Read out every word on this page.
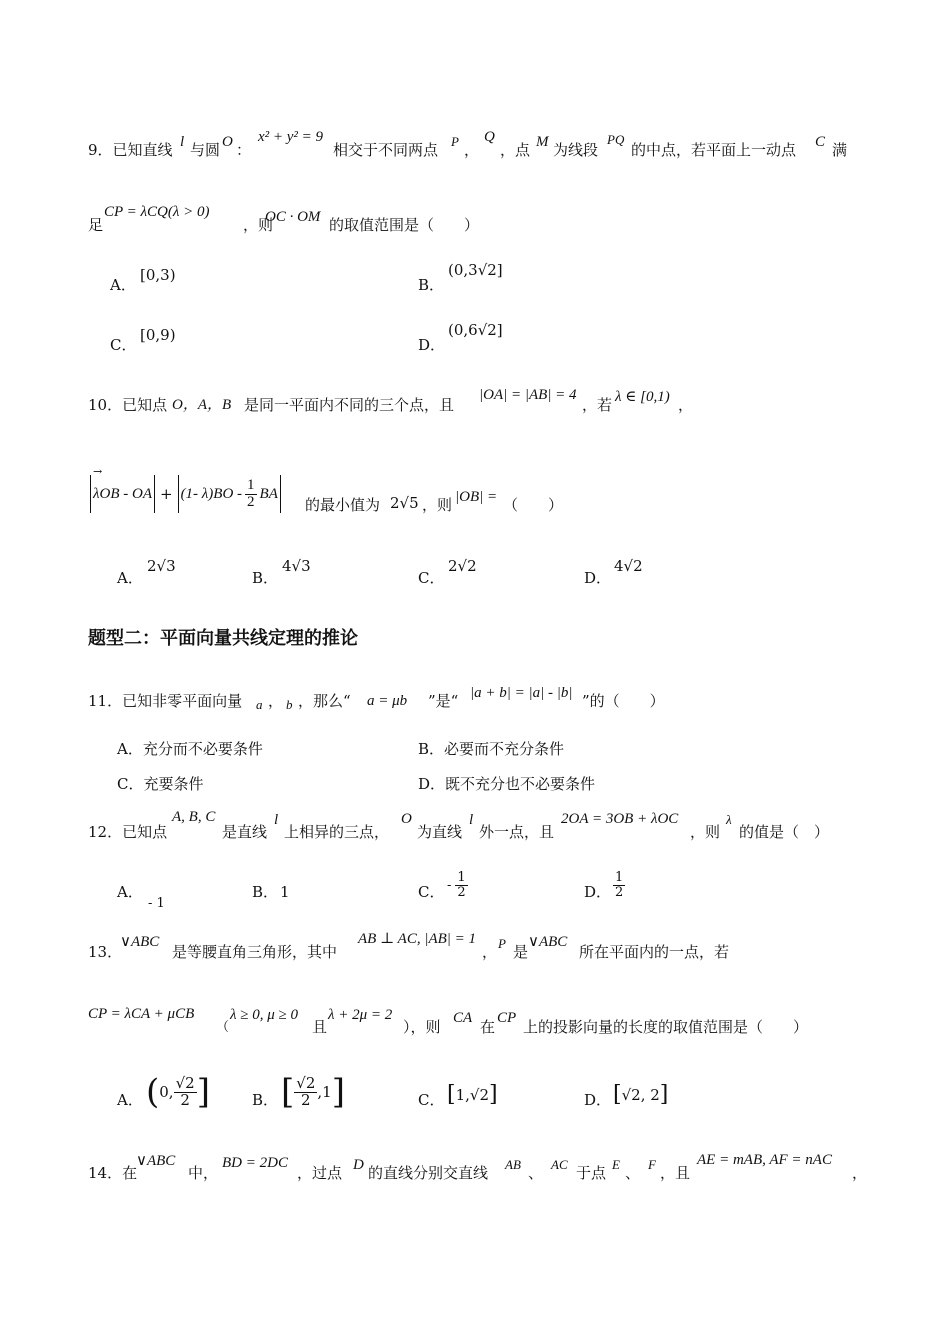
9．已知直线 l 与圆 O ：
x² + y² = 9
相交于不同两点 P ，
Q
，点 M 为线段
PQ
的中点，若平面上一动点 C 满
足
CP = λCQ(λ > 0)
，则
OC · OM 的取值范围是（　　）
A．
[0,3)
B．
(0,3√2]
C．
[0,9)
D．
(0,6√2]
10．已知点 O，A，B 是同一平面内不同的三个点，且
|OA| = |AB| = 4
，若 λ ∈ [0,1) ，
→
λOB - OA + (1- $\lambda)BO - \frac{1}{2}$ BA
的最小值为 2√5 ，则 |OB| = （　　）
A．
2√3
B．
4√3
C．
2√2
D．
4√2
题型二：平面向量共线定理的推论
11．已知非零平面向量 a ， b ，那么“ a = μb ”是“ |a + b| = |a| - |b| ”的（　　）
A．充分而不必要条件	B．必要而不充分条件
C．充要条件	D．既不充分也不必要条件
12．已知点
A, B, C
是直线
l
上相异的三点，
O
为直线
l
外一点，且
2OA = 3OB + λOC
，则
λ
的值是（　）
A．
- 1
B． 1	C． - $\frac{1}{2}$	D． $\frac{1}{2}$
13．
∨ABC
是等腰直角三角形，其中
AB ⊥ AC, |AB| = 1
， P 是
∨ABC
所在平面内的一点，若
CP = λCA + μCB
（
λ ≥ 0, μ ≥ 0
且
λ + 2μ = 2
），则 CA 在 CP 上的投影向量的长度的取值范围是（　　）
A． ( 0, $\frac{√2}{2}$ ]	B． [ $\frac{√2}{2} ,1$ ]	C． [ 1,√2 ]	D． [ √2, 2 ]
14．在
∨ABC
中，
BD = 2DC
，过点 D 的直线分别交直线 AB 、 AC 于点 E 、 F ，且
AE = mAB, AF = nAC
，
